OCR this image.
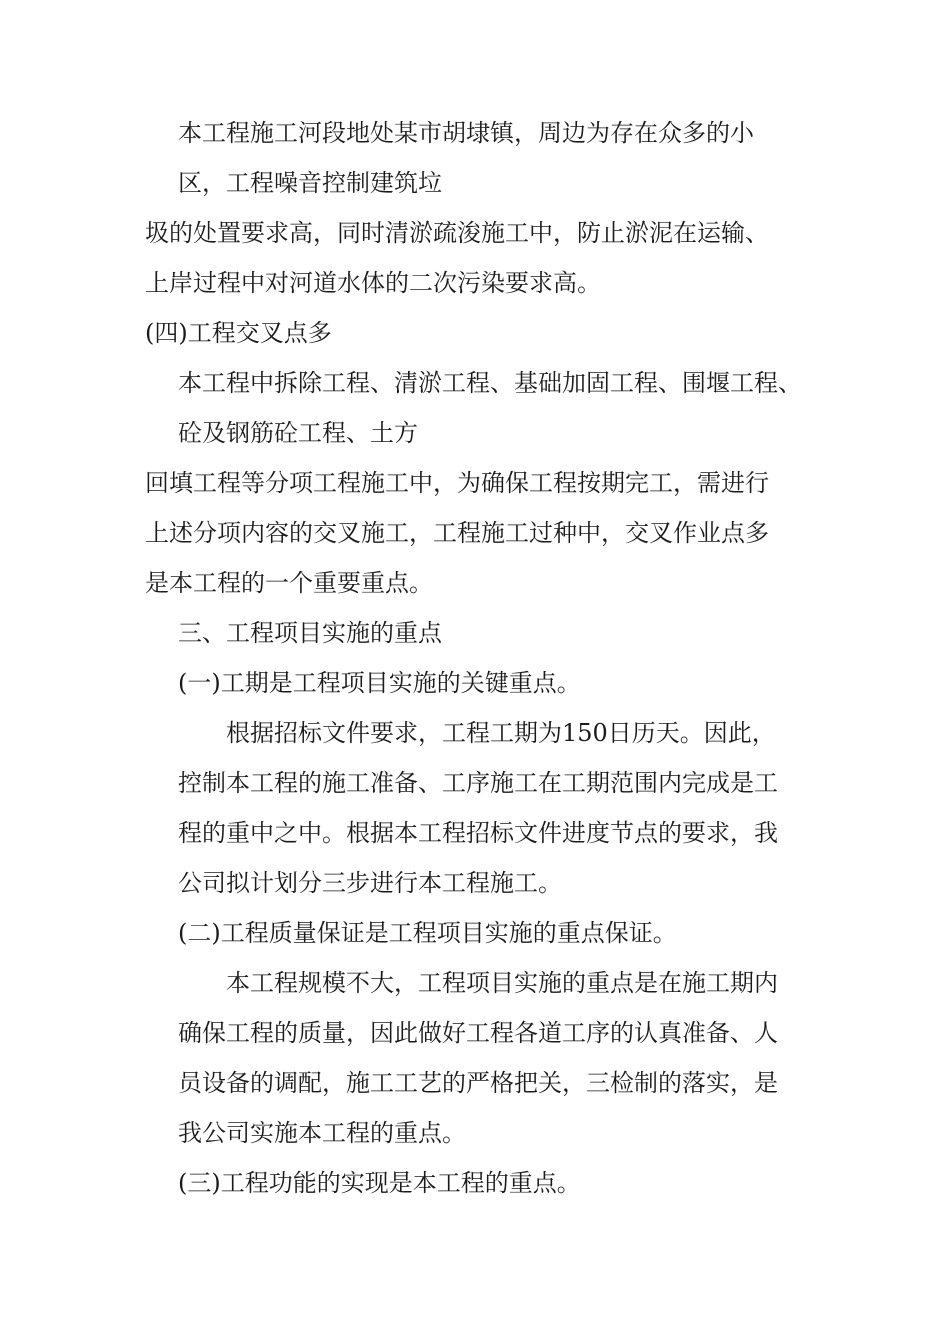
本工程施工河段地处某市胡埭镇，周边为存在众多的小
区，工程噪音控制建筑垃
圾的处置要求高，同时清淤疏浚施工中，防止淤泥在运输、
上岸过程中对河道水体的二次污染要求高。
(四)工程交叉点多
本工程中拆除工程、清淤工程、基础加固工程、围堰工程、
砼及钢筋砼工程、土方
回填工程等分项工程施工中，为确保工程按期完工，需进行
上述分项内容的交叉施工，工程施工过种中，交叉作业点多
是本工程的一个重要重点。
三、工程项目实施的重点
(一)工期是工程项目实施的关键重点。
根据招标文件要求，工程工期为150日历天。因此，
控制本工程的施工准备、工序施工在工期范围内完成是工
程的重中之中。根据本工程招标文件进度节点的要求，我
公司拟计划分三步进行本工程施工。
(二)工程质量保证是工程项目实施的重点保证。
本工程规模不大，工程项目实施的重点是在施工期内
确保工程的质量，因此做好工程各道工序的认真准备、人
员设备的调配，施工工艺的严格把关，三检制的落实，是
我公司实施本工程的重点。
(三)工程功能的实现是本工程的重点。
